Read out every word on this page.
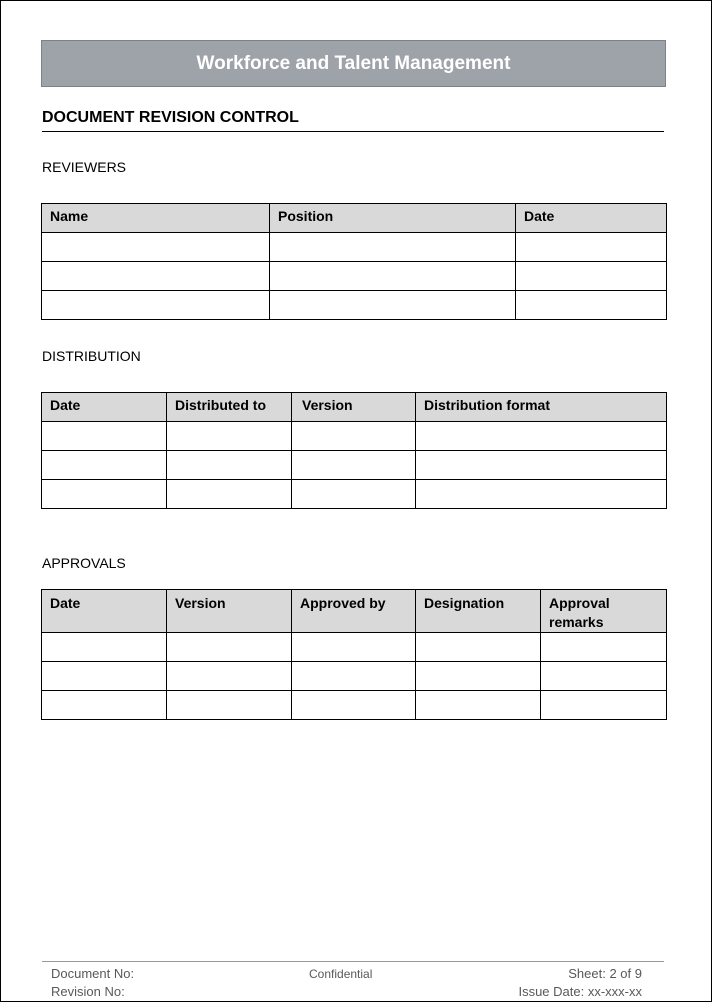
Workforce and Talent Management
DOCUMENT REVISION CONTROL
REVIEWERS
Name	Position	Date

DISTRIBUTION
Date	Distributed to	Version	Distribution format

APPROVALS
Date	Version	Approved by	Designation	Approval remarks

Document No:
Revision No:
Confidential	Sheet: 2 of 9
Issue Date: xx-xxx-xx
